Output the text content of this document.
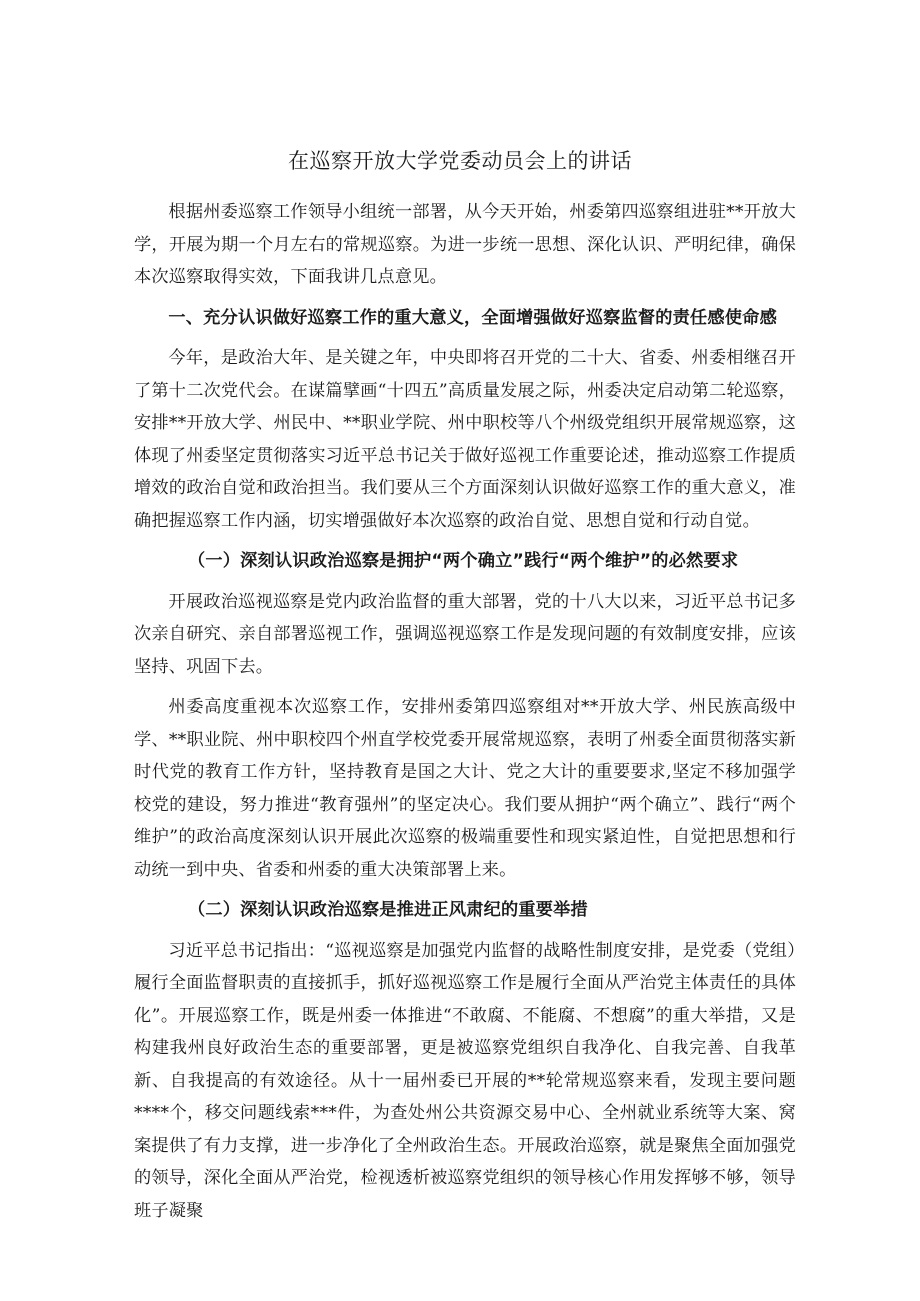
在巡察开放大学党委动员会上的讲话

根据州委巡察工作领导小组统一部署，从今天开始，州委第四巡察组进驻**开放大学，开展为期一个月左右的常规巡察。为进一步统一思想、深化认识、严明纪律，确保本次巡察取得实效，下面我讲几点意见。

一、充分认识做好巡察工作的重大意义，全面增强做好巡察监督的责任感使命感

今年，是政治大年、是关键之年，中央即将召开党的二十大、省委、州委相继召开了第十二次党代会。在谋篇擘画“十四五”高质量发展之际，州委决定启动第二轮巡察，安排**开放大学、州民中、**职业学院、州中职校等八个州级党组织开展常规巡察，这体现了州委坚定贯彻落实习近平总书记关于做好巡视工作重要论述，推动巡察工作提质增效的政治自觉和政治担当。我们要从三个方面深刻认识做好巡察工作的重大意义，准确把握巡察工作内涵，切实增强做好本次巡察的政治自觉、思想自觉和行动自觉。

（一）深刻认识政治巡察是拥护“两个确立”践行“两个维护”的必然要求

开展政治巡视巡察是党内政治监督的重大部署，党的十八大以来，习近平总书记多次亲自研究、亲自部署巡视工作，强调巡视巡察工作是发现问题的有效制度安排，应该坚持、巩固下去。

州委高度重视本次巡察工作，安排州委第四巡察组对**开放大学、州民族高级中学、**职业院、州中职校四个州直学校党委开展常规巡察，表明了州委全面贯彻落实新时代党的教育工作方针，坚持教育是国之大计、党之大计的重要要求,坚定不移加强学校党的建设，努力推进“教育强州”的坚定决心。我们要从拥护“两个确立”、践行“两个维护”的政治高度深刻认识开展此次巡察的极端重要性和现实紧迫性，自觉把思想和行动统一到中央、省委和州委的重大决策部署上来。

（二）深刻认识政治巡察是推进正风肃纪的重要举措

习近平总书记指出：“巡视巡察是加强党内监督的战略性制度安排，是党委（党组）履行全面监督职责的直接抓手，抓好巡视巡察工作是履行全面从严治党主体责任的具体化”。开展巡察工作，既是州委一体推进“不敢腐、不能腐、不想腐”的重大举措，又是构建我州良好政治生态的重要部署，更是被巡察党组织自我净化、自我完善、自我革新、自我提高的有效途径。从十一届州委已开展的**轮常规巡察来看，发现主要问题****个，移交问题线索***件，为查处州公共资源交易中心、全州就业系统等大案、窝案提供了有力支撑，进一步净化了全州政治生态。开展政治巡察，就是聚焦全面加强党的领导，深化全面从严治党，检视透析被巡察党组织的领导核心作用发挥够不够，领导班子凝聚
